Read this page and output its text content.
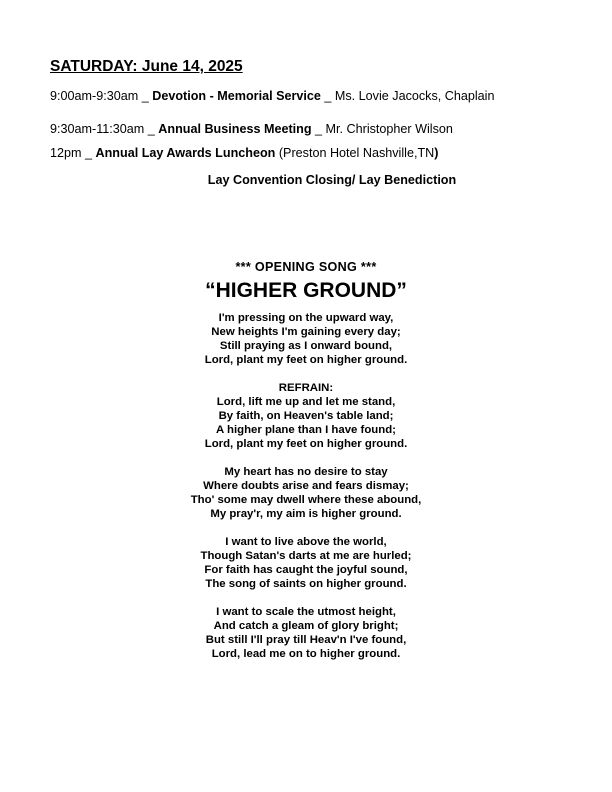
SATURDAY: June 14, 2025
9:00am-9:30am _ Devotion - Memorial Service _ Ms. Lovie Jacocks, Chaplain
9:30am-11:30am _ Annual Business Meeting _ Mr. Christopher Wilson
12pm _ Annual Lay Awards Luncheon (Preston Hotel Nashville,TN)
Lay Convention Closing/ Lay Benediction
*** OPENING SONG ***
“HIGHER GROUND”
I'm pressing on the upward way,
New heights I'm gaining every day;
Still praying as I onward bound,
Lord, plant my feet on higher ground.
REFRAIN:
Lord, lift me up and let me stand,
By faith, on Heaven's table land;
A higher plane than I have found;
Lord, plant my feet on higher ground.
My heart has no desire to stay
Where doubts arise and fears dismay;
Tho' some may dwell where these abound,
My pray'r, my aim is higher ground.
I want to live above the world,
Though Satan's darts at me are hurled;
For faith has caught the joyful sound,
The song of saints on higher ground.
I want to scale the utmost height,
And catch a gleam of glory bright;
But still I'll pray till Heav'n I've found,
Lord, lead me on to higher ground.
